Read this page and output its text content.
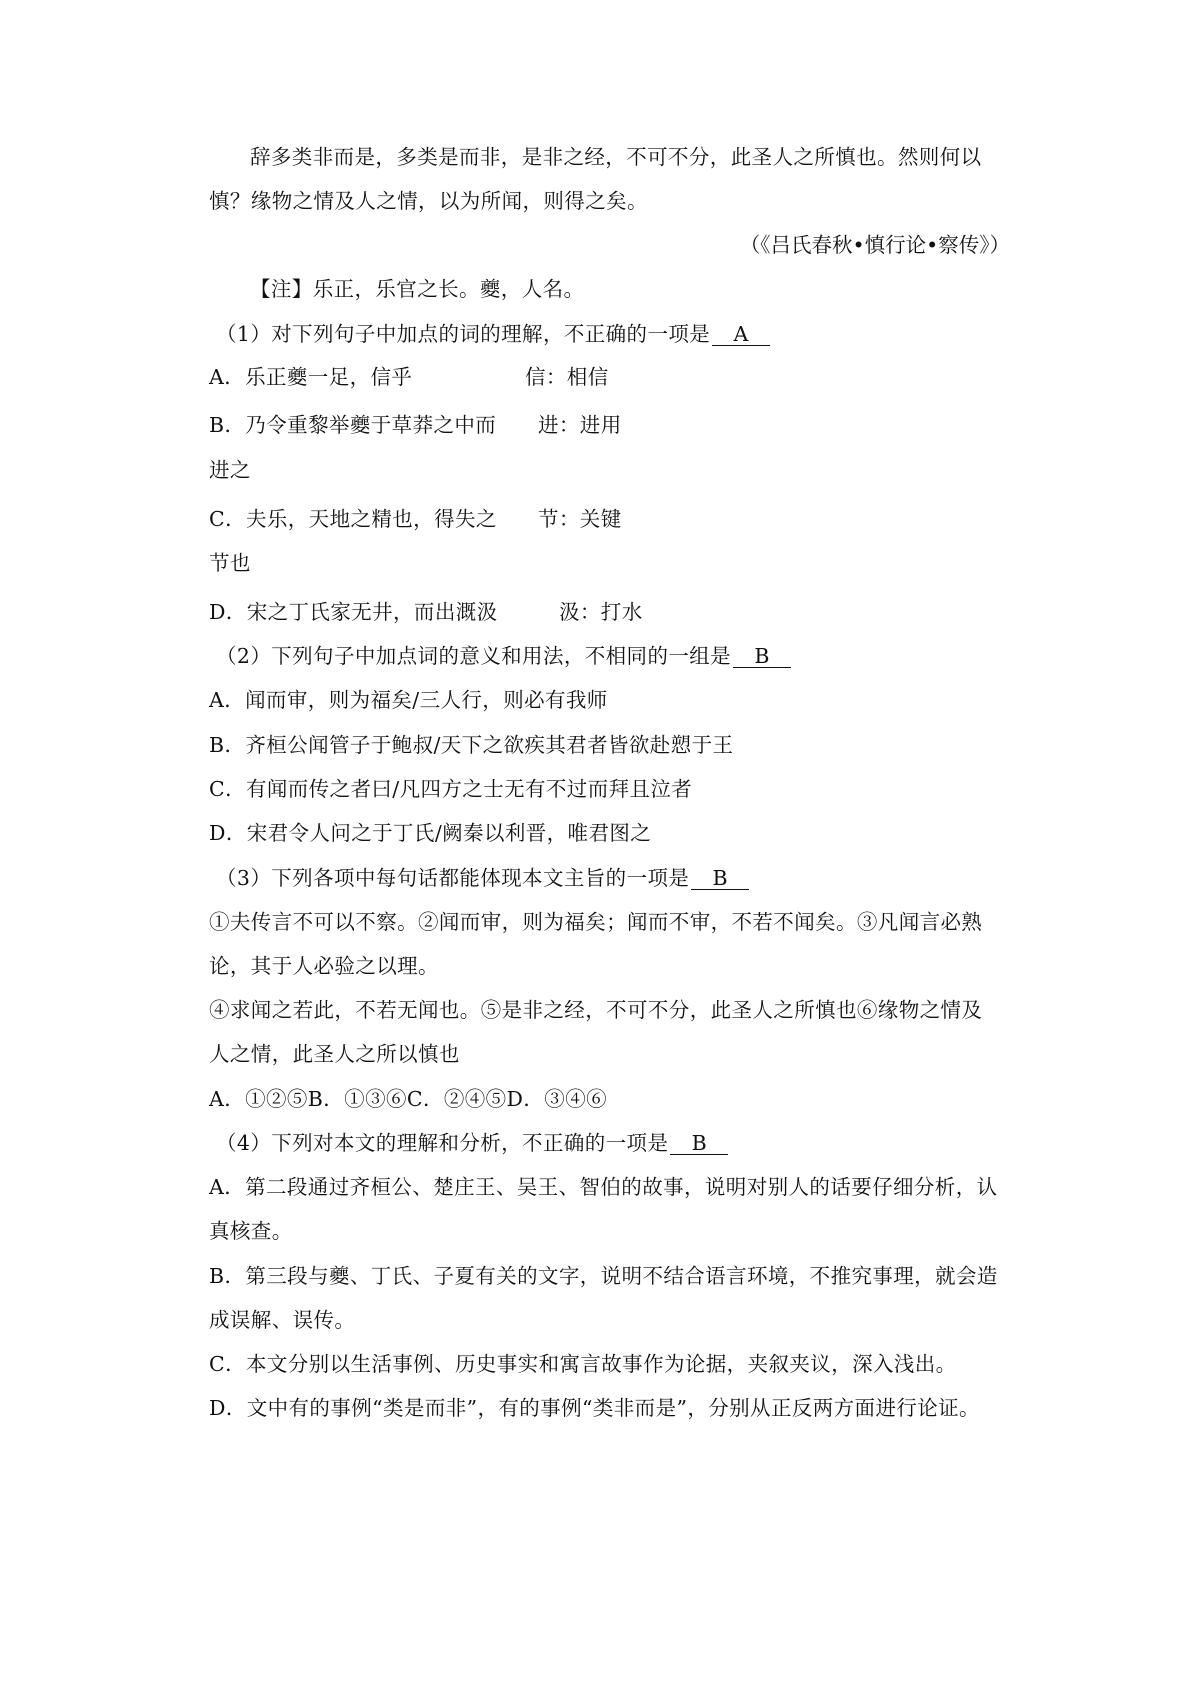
辞多类非而是，多类是而非，是非之经，不可不分，此圣人之所慎也。然则何以
慎？缘物之情及人之情，以为所闻，则得之矣。
（《吕氏春秋•慎行论•察传》）
【注】乐正，乐官之长。夔，人名。
（1）对下列句子中加点的词的理解，不正确的一项是 A
A．乐正夔一足，信乎	信：相信
B．乃令重黎举夔于草莽之中而 进：进用
进之
C．夫乐，天地之精也，得失之 节：关键
节也
D．宋之丁氏家无井，而出溉汲	汲：打水
（2）下列句子中加点词的意义和用法，不相同的一组是 B
A．闻而审，则为福矣/三人行，则必有我师
B．齐桓公闻管子于鲍叔/天下之欲疾其君者皆欲赴愬于王
C．有闻而传之者曰/凡四方之士无有不过而拜且泣者
D．宋君令人问之于丁氏/阙秦以利晋，唯君图之
（3）下列各项中每句话都能体现本文主旨的一项是 B
①夫传言不可以不察。②闻而审，则为福矣；闻而不审，不若不闻矣。③凡闻言必熟
论，其于人必验之以理。
④求闻之若此，不若无闻也。⑤是非之经，不可不分，此圣人之所慎也⑥缘物之情及
人之情，此圣人之所以慎也
A．①②⑤B．①③⑥C．②④⑤D．③④⑥
（4）下列对本文的理解和分析，不正确的一项是 B
A．第二段通过齐桓公、楚庄王、吴王、智伯的故事，说明对别人的话要仔细分析，认
真核查。
B．第三段与夔、丁氏、子夏有关的文字，说明不结合语言环境，不推究事理，就会造
成误解、误传。
C．本文分别以生活事例、历史事实和寓言故事作为论据，夹叙夹议，深入浅出。
D．文中有的事例“类是而非”，有的事例“类非而是”，分别从正反两方面进行论证。
